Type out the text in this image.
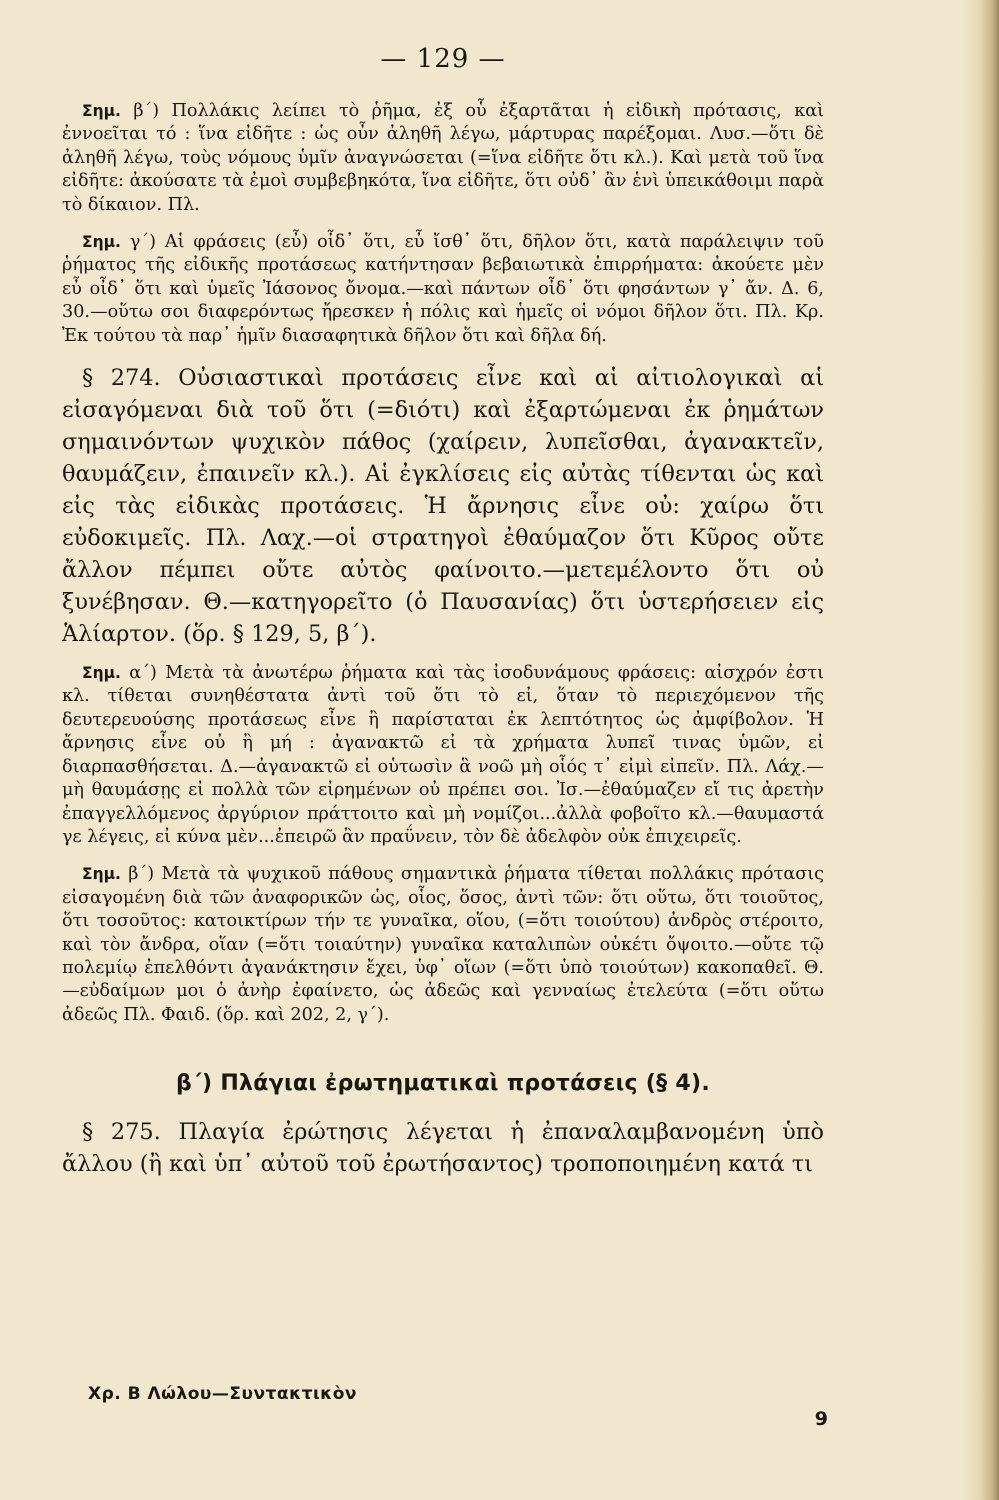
— 129 —

Σημ. β΄) Πολλάκις λείπει τὸ ῥῆμα, ἐξ οὗ ἐξαρτᾶται ἡ εἰδικὴ πρότασις, καὶ ἐννοεῖται τό : ἵνα εἰδῆτε : ὡς οὖν ἀληθῆ λέγω, μάρτυρας παρέξομαι. Λυσ.—ὅτι δὲ ἀληθῆ λέγω, τοὺς νόμους ὑμῖν ἀναγνώσεται (=ἵνα εἰδῆτε ὅτι κλ.). Καὶ μετὰ τοῦ ἵνα εἰδῆτε: ἀκούσατε τὰ ἐμοὶ συμβεβηκότα, ἵνα εἰδῆτε, ὅτι οὐδ᾽ ἂν ἑνὶ ὑπεικάθοιμι παρὰ τὸ δίκαιον. Πλ.

Σημ. γ΄) Αἱ φράσεις (εὖ) οἶδ᾽ ὅτι, εὖ ἴσθ᾽ ὅτι, δῆλον ὅτι, κατὰ παράλειψιν τοῦ ῥήματος τῆς εἰδικῆς προτάσεως κατήντησαν βεβαιωτικὰ ἐπιρρήματα: ἀκούετε μὲν εὖ οἶδ᾽ ὅτι καὶ ὑμεῖς Ἰάσονος ὄνομα.—καὶ πάντων οἶδ᾽ ὅτι φησάντων γ᾽ ἄν. Δ. 6, 30.—οὕτω σοι διαφερόντως ἤρεσκεν ἡ πόλις καὶ ἡμεῖς οἱ νόμοι δῆλον ὅτι. Πλ. Κρ. Ἐκ τούτου τὰ παρ᾽ ἡμῖν διασαφητικὰ δῆλον ὅτι καὶ δῆλα δή.

§ 274. Οὐσιαστικαὶ προτάσεις εἶνε καὶ αἱ αἰτιολογικαὶ αἱ εἰσαγόμεναι διὰ τοῦ ὅτι (=διότι) καὶ ἐξαρτώμεναι ἐκ ῥημάτων σημαινόντων ψυχικὸν πάθος (χαίρειν, λυπεῖσθαι, ἀγανακτεῖν, θαυμάζειν, ἐπαινεῖν κλ.). Αἱ ἐγκλίσεις εἰς αὐτὰς τίθενται ὡς καὶ εἰς τὰς εἰδικὰς προτάσεις. Ἡ ἄρνησις εἶνε οὐ: χαίρω ὅτι εὐδοκιμεῖς. Πλ. Λαχ.—οἱ στρατηγοὶ ἐθαύμαζον ὅτι Κῦρος οὔτε ἄλλον πέμπει οὔτε αὐτὸς φαίνοιτο.—μετεμέλοντο ὅτι οὐ ξυνέβησαν. Θ.—κατηγορεῖτο (ὁ Παυσανίας) ὅτι ὑστερήσειεν εἰς Ἁλίαρτον. (ὅρ. § 129, 5, β΄).

Σημ. α΄) Μετὰ τὰ ἀνωτέρω ῥήματα καὶ τὰς ἰσοδυνάμους φράσεις: αἰσχρόν ἐστι κλ. τίθεται συνηθέστατα ἀντὶ τοῦ ὅτι τὸ εἰ, ὅταν τὸ περιεχόμενον τῆς δευτερευούσης προτάσεως εἶνε ἢ παρίσταται ἐκ λεπτότητος ὡς ἀμφίβολον. Ἡ ἄρνησις εἶνε οὐ ἢ μή : ἀγανακτῶ εἰ τὰ χρήματα λυπεῖ τινας ὑμῶν, εἰ διαρπασθήσεται. Δ.—ἀγανακτῶ εἰ οὑτωσὶν ἃ νοῶ μὴ οἷός τ᾽ εἰμὶ εἰπεῖν. Πλ. Λάχ.—μὴ θαυμάσῃς εἰ πολλὰ τῶν εἰρημένων οὐ πρέπει σοι. Ἰσ.—ἐθαύμαζεν εἴ τις ἀρετὴν ἐπαγγελλόμενος ἀργύριον πράττοιτο καὶ μὴ νομίζοι...ἀλλὰ φοβοῖτο κλ.—θαυμαστά γε λέγεις, εἰ κύνα μὲν...ἐπειρῶ ἂν πραΰνειν, τὸν δὲ ἀδελφὸν οὐκ ἐπιχειρεῖς.

Σημ. β΄) Μετὰ τὰ ψυχικοῦ πάθους σημαντικὰ ῥήματα τίθεται πολλάκις πρότασις εἰσαγομένη διὰ τῶν ἀναφορικῶν ὡς, οἷος, ὅσος, ἀντὶ τῶν: ὅτι οὕτω, ὅτι τοιοῦτος, ὅτι τοσοῦτος: κατοικτίρων τήν τε γυναῖκα, οἵου, (=ὅτι τοιούτου) ἀνδρὸς στέροιτο, καὶ τὸν ἄνδρα, οἵαν (=ὅτι τοιαύτην) γυναῖκα καταλιπὼν οὐκέτι ὄψοιτο.—οὔτε τῷ πολεμίῳ ἐπελθόντι ἀγανάκτησιν ἔχει, ὑφ᾽ οἵων (=ὅτι ὑπὸ τοιούτων) κακοπαθεῖ. Θ.—εὐδαίμων μοι ὁ ἀνὴρ ἐφαίνετο, ὡς ἀδεῶς καὶ γενναίως ἐτελεύτα (=ὅτι οὕτω ἀδεῶς Πλ. Φαιδ. (ὅρ. καὶ 202, 2, γ΄).

β΄) Πλάγιαι ἐρωτηματικαὶ προτάσεις (§ 4).

§ 275. Πλαγία ἐρώτησις λέγεται ἡ ἐπαναλαμβανομένη ὑπὸ ἄλλου (ἢ καὶ ὑπ᾽ αὐτοῦ τοῦ ἐρωτήσαντος) τροποποιημένη κατά τι

Χρ. Β Λώλου—Συντακτικὸν
9
